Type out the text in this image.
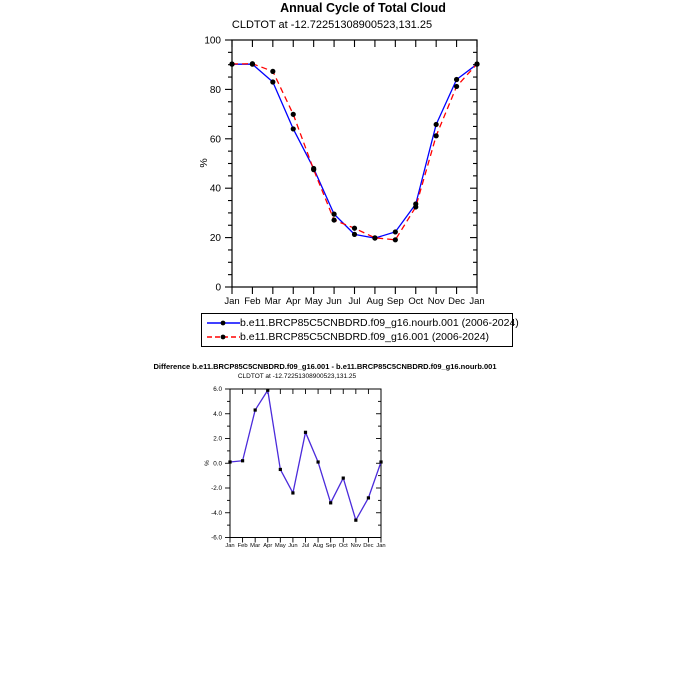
Annual Cycle of Total Cloud
CLDTOT at -12.72251308900523,131.25
0
20
40
60
80
100
Jan Feb Mar Apr May Jun Jul Aug Sep Oct Nov Dec Jan
%
b.e11.BRCP85C5CNBDRD.f09_g16.nourb.001 (2006-2024)
b.e11.BRCP85C5CNBDRD.f09_g16.001 (2006-2024)
Difference b.e11.BRCP85C5CNBDRD.f09_g16.001 - b.e11.BRCP85C5CNBDRD.f09_g16.nourb.001
CLDTOT at -12.72251308900523,131.25
-6.0
-4.0
-2.0
0.0
2.0
4.0
6.0
Jan Feb Mar Apr May Jun Jul Aug Sep Oct Nov Dec Jan
%
